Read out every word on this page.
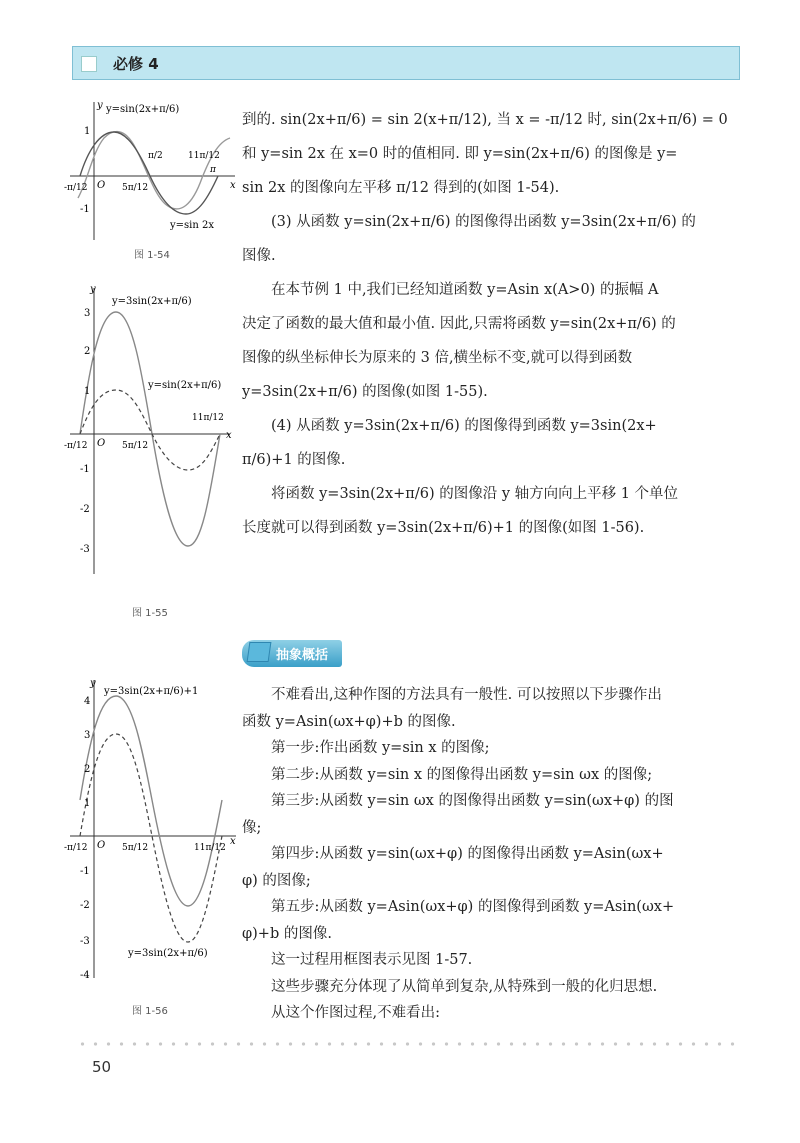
必修 4
y y=sin(2x+π/6)
1
-1
-π/12 O 5π/12
π/2	11π/12
π
x
y=sin 2x
图 1-54
y
y=3sin(2x+π/6)
y=sin(2x+π/6)
3
2
1
-1
-2
-3
-π/12 O 5π/12
11π/12
x
图 1-55
y
y=3sin(2x+π/6)+1
4
3
2
1
-1
-2
-3
-4
-π/12 O 5π/12	11π/12
x
y=3sin(2x+π/6)
图 1-56

到的. sin(2x+π/6) = sin 2(x+π/12), 当 x = -π/12 时, sin(2x+π/6) = 0

和 y=sin 2x 在 x=0 时的值相同. 即 y=sin(2x+π/6) 的图像是 y=

sin 2x 的图像向左平移 π/12 得到的(如图 1-54).

(3) 从函数 y=sin(2x+π/6) 的图像得出函数 y=3sin(2x+π/6) 的

图像.

在本节例 1 中,我们已经知道函数 y=Asin x(A>0) 的振幅 A

决定了函数的最大值和最小值. 因此,只需将函数 y=sin(2x+π/6) 的

图像的纵坐标伸长为原来的 3 倍,横坐标不变,就可以得到函数

y=3sin(2x+π/6) 的图像(如图 1-55).

(4) 从函数 y=3sin(2x+π/6) 的图像得到函数 y=3sin(2x+

π/6)+1 的图像.

将函数 y=3sin(2x+π/6) 的图像沿 y 轴方向向上平移 1 个单位

长度就可以得到函数 y=3sin(2x+π/6)+1 的图像(如图 1-56).

抽象概括

不难看出,这种作图的方法具有一般性. 可以按照以下步骤作出

函数 y=Asin(ωx+φ)+b 的图像.

第一步:作出函数 y=sin x 的图像;

第二步:从函数 y=sin x 的图像得出函数 y=sin ωx 的图像;

第三步:从函数 y=sin ωx 的图像得出函数 y=sin(ωx+φ) 的图

像;

第四步:从函数 y=sin(ωx+φ) 的图像得出函数 y=Asin(ωx+

φ) 的图像;

第五步:从函数 y=Asin(ωx+φ) 的图像得到函数 y=Asin(ωx+

φ)+b 的图像.

这一过程用框图表示见图 1-57.

这些步骤充分体现了从简单到复杂,从特殊到一般的化归思想.

从这个作图过程,不难看出:

50
